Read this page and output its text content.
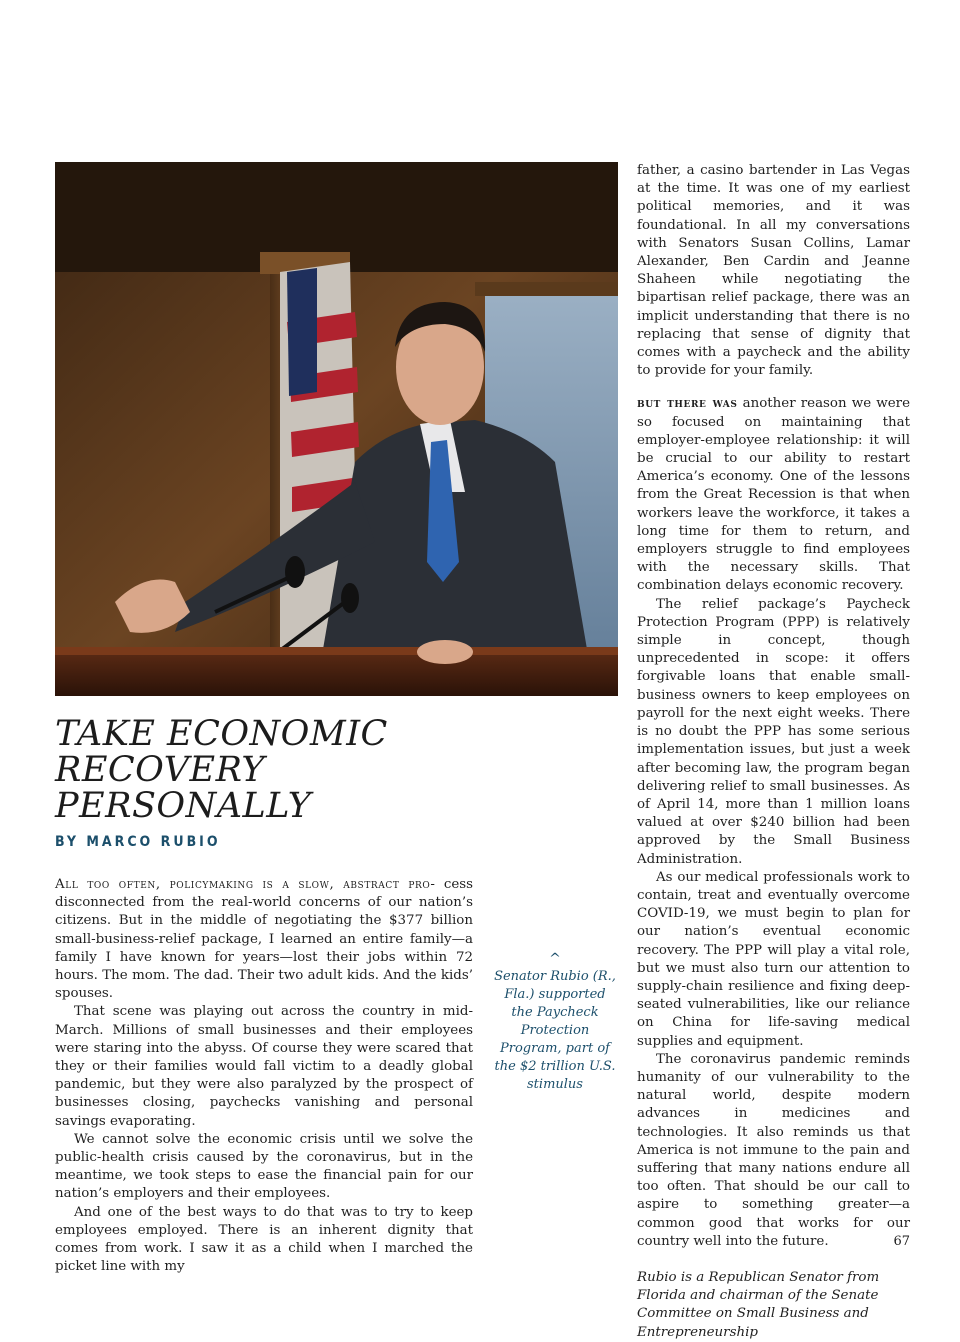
TAKE ECONOMIC
RECOVERY
PERSONALLY
BY MARCO RUBIO

All too often, policymaking is a slow, abstract pro- cess disconnected from the real-world concerns of our nation’s citizens. But in the middle of negotiating the $377 billion small-business-relief package, I learned an entire family—a family I have known for years—lost their jobs within 72 hours. The mom. The dad. Their two adult kids. And the kids’ spouses.

That scene was playing out across the country in mid-March. Millions of small businesses and their employees were staring into the abyss. Of course they were scared that they or their families would fall victim to a deadly global pandemic, but they were also paralyzed by the prospect of businesses closing, paychecks vanishing and personal savings evaporating.

We cannot solve the economic crisis until we solve the public-health crisis caused by the coronavirus, but in the meantime, we took steps to ease the financial pain for our nation’s employers and their employees.

And one of the best ways to do that was to try to keep employees employed. There is an inherent dignity that comes from work. I saw it as a child when I marched the picket line with my

^
Senator Rubio (R., Fla.) supported the Paycheck Protection Program, part of the $2 trillion U.S. stimulus

father, a casino bartender in Las Vegas at the time. It was one of my earliest political memories, and it was foundational. In all my conversations with Senators Susan Collins, Lamar Alexander, Ben Cardin and Jeanne Shaheen while negotiating the bipartisan relief package, there was an implicit understanding that there is no replacing that sense of dignity that comes with a paycheck and the ability to provide for your family.

but there was another reason we were so focused on maintaining that employer-employee relationship: it will be crucial to our ability to restart America’s economy. One of the lessons from the Great Recession is that when workers leave the workforce, it takes a long time for them to return, and employers struggle to find employees with the necessary skills. That combination delays economic recovery.

The relief package’s Paycheck Protection Program (PPP) is relatively simple in concept, though unprecedented in scope: it offers forgivable loans that enable small-business owners to keep employees on payroll for the next eight weeks. There is no doubt the PPP has some serious implementation issues, but just a week after becoming law, the program began delivering relief to small businesses. As of April 14, more than 1 million loans valued at over $240 billion had been approved by the Small Business Administration.

As our medical professionals work to contain, treat and eventually overcome COVID-19, we must begin to plan for our nation’s eventual economic recovery. The PPP will play a vital role, but we must also turn our attention to supply-chain resilience and fixing deep-seated vulnerabilities, like our reliance on China for life-saving medical supplies and equipment.

The coronavirus pandemic reminds humanity of our vulnerability to the natural world, despite modern advances in medicines and technologies. It also reminds us that America is not immune to the pain and suffering that many nations endure all too often. That should be our call to aspire to something greater—a common good that works for our country well into the future.

Rubio is a Republican Senator from Florida and chairman of the Senate Committee on Small Business and Entrepreneurship

67
